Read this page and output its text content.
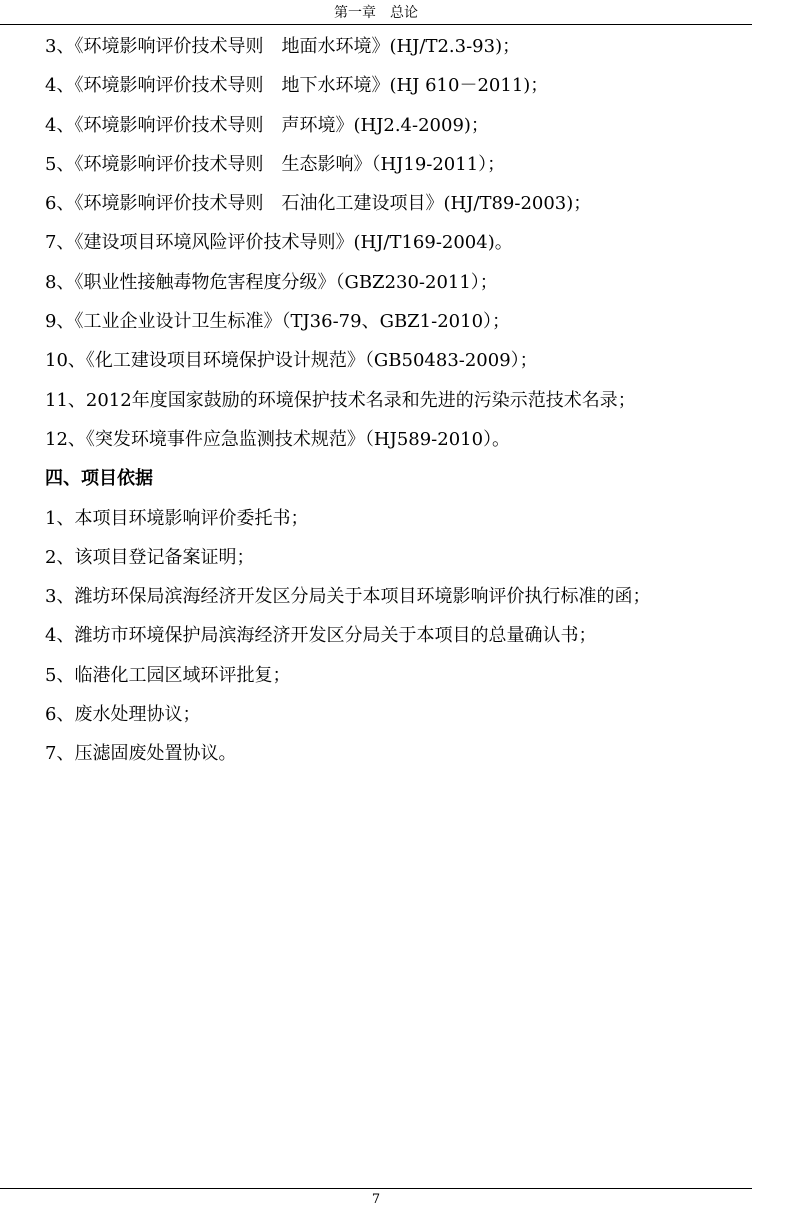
第一章　总论
3、《环境影响评价技术导则　地面水环境》(HJ/T2.3-93)；
4、《环境影响评价技术导则　地下水环境》(HJ 610－2011)；
4、《环境影响评价技术导则　声环境》(HJ2.4-2009)；
5、《环境影响评价技术导则　生态影响》（HJ19-2011）；
6、《环境影响评价技术导则　石油化工建设项目》(HJ/T89-2003)；
7、《建设项目环境风险评价技术导则》(HJ/T169-2004)。
8、《职业性接触毒物危害程度分级》（GBZ230-2011）；
9、《工业企业设计卫生标准》（TJ36-79、GBZ1-2010）；
10、《化工建设项目环境保护设计规范》（GB50483-2009）；
11、2012年度国家鼓励的环境保护技术名录和先进的污染示范技术名录；
12、《突发环境事件应急监测技术规范》（HJ589-2010）。
四、项目依据
1、本项目环境影响评价委托书；
2、该项目登记备案证明；
3、潍坊环保局滨海经济开发区分局关于本项目环境影响评价执行标准的函；
4、潍坊市环境保护局滨海经济开发区分局关于本项目的总量确认书；
5、临港化工园区域环评批复；
6、废水处理协议；
7、压滤固废处置协议。
7
